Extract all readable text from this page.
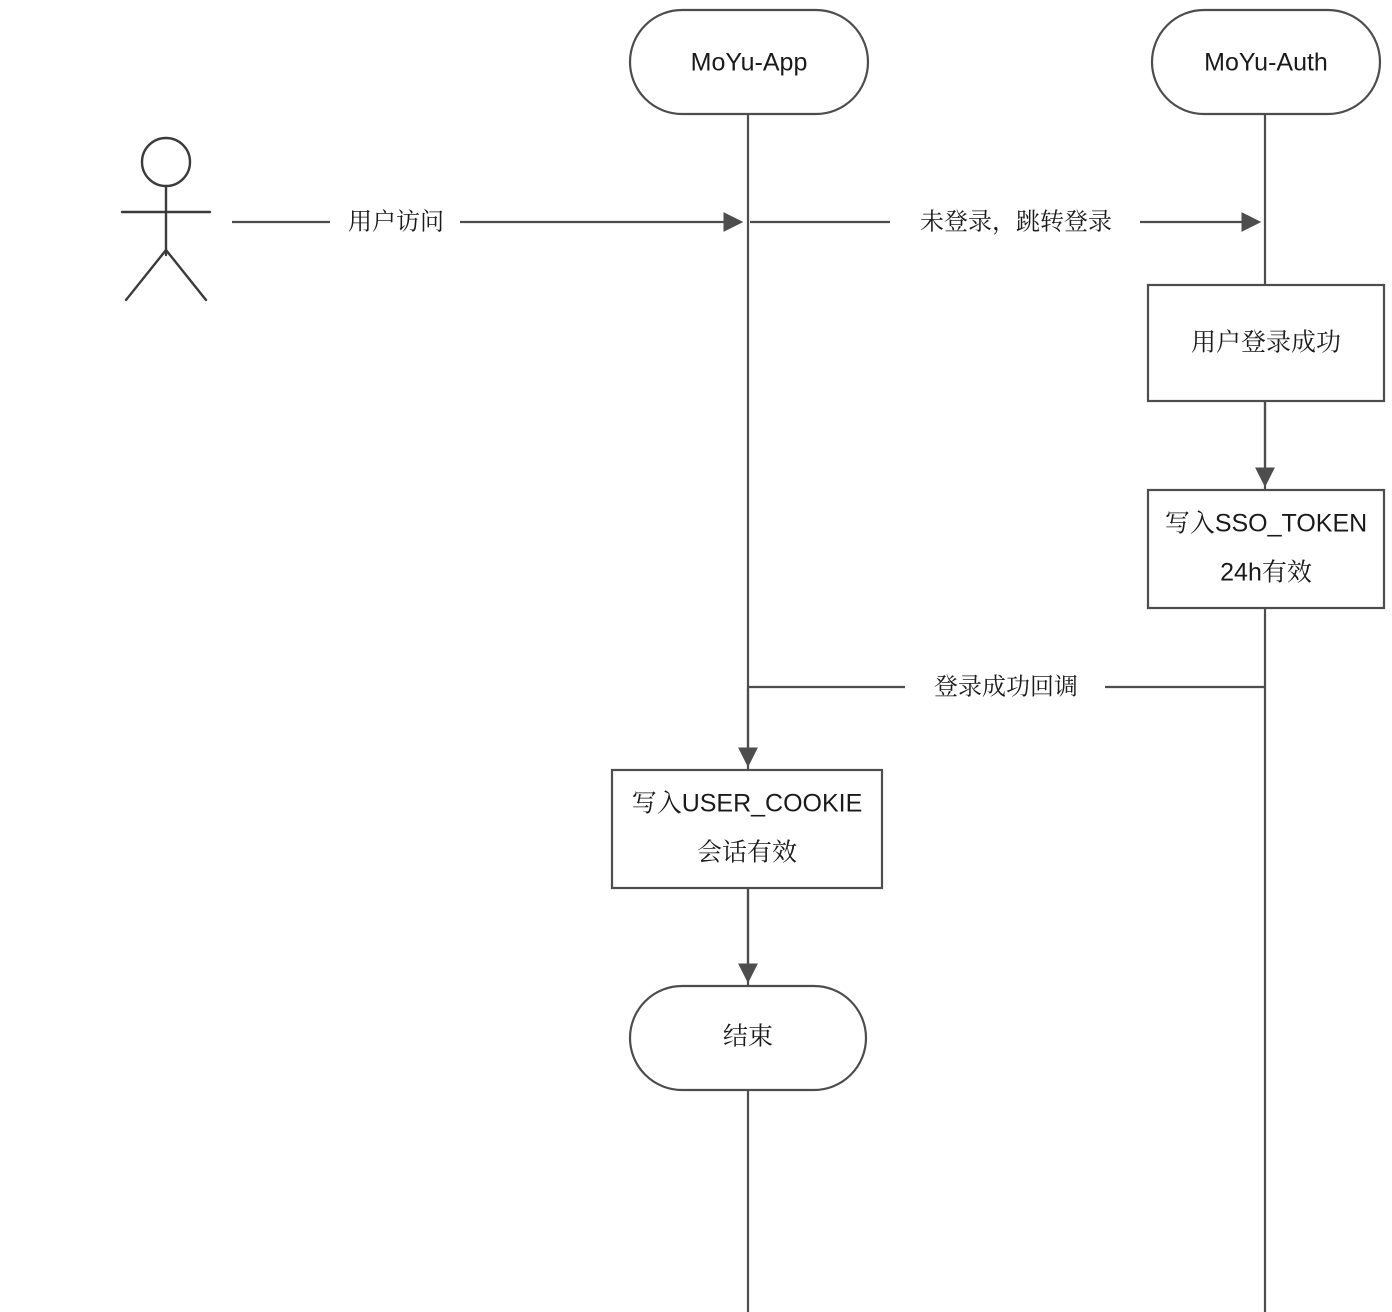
MoYu-App	MoYu-Auth
用户访问	未登录，跳转登录
用户登录成功
写入SSO_TOKEN
24h有效
登录成功回调
写入USER_COOKIE
会话有效
结束
